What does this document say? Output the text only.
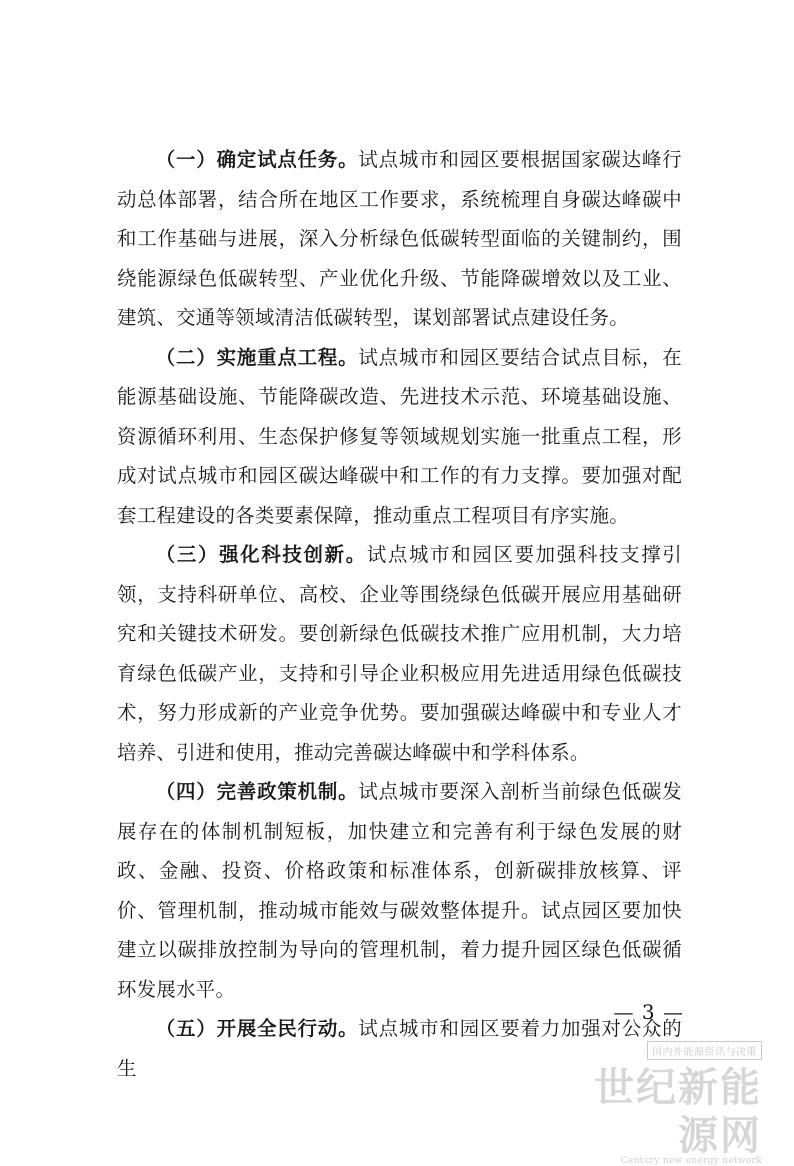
（一）确定试点任务。试点城市和园区要根据国家碳达峰行动总体部署，结合所在地区工作要求，系统梳理自身碳达峰碳中和工作基础与进展，深入分析绿色低碳转型面临的关键制约，围绕能源绿色低碳转型、产业优化升级、节能降碳增效以及工业、建筑、交通等领域清洁低碳转型，谋划部署试点建设任务。

（二）实施重点工程。试点城市和园区要结合试点目标，在能源基础设施、节能降碳改造、先进技术示范、环境基础设施、资源循环利用、生态保护修复等领域规划实施一批重点工程，形成对试点城市和园区碳达峰碳中和工作的有力支撑。要加强对配套工程建设的各类要素保障，推动重点工程项目有序实施。

（三）强化科技创新。试点城市和园区要加强科技支撑引领，支持科研单位、高校、企业等围绕绿色低碳开展应用基础研究和关键技术研发。要创新绿色低碳技术推广应用机制，大力培育绿色低碳产业，支持和引导企业积极应用先进适用绿色低碳技术，努力形成新的产业竞争优势。要加强碳达峰碳中和专业人才培养、引进和使用，推动完善碳达峰碳中和学科体系。

（四）完善政策机制。试点城市要深入剖析当前绿色低碳发展存在的体制机制短板，加快建立和完善有利于绿色发展的财政、金融、投资、价格政策和标准体系，创新碳排放核算、评价、管理机制，推动城市能效与碳效整体提升。试点园区要加快建立以碳排放控制为导向的管理机制，着力提升园区绿色低碳循环发展水平。

（五）开展全民行动。试点城市和园区要着力加强对公众的生

— 3 —
国内外能源资讯与决策
世纪新能源网
Century new energy network
